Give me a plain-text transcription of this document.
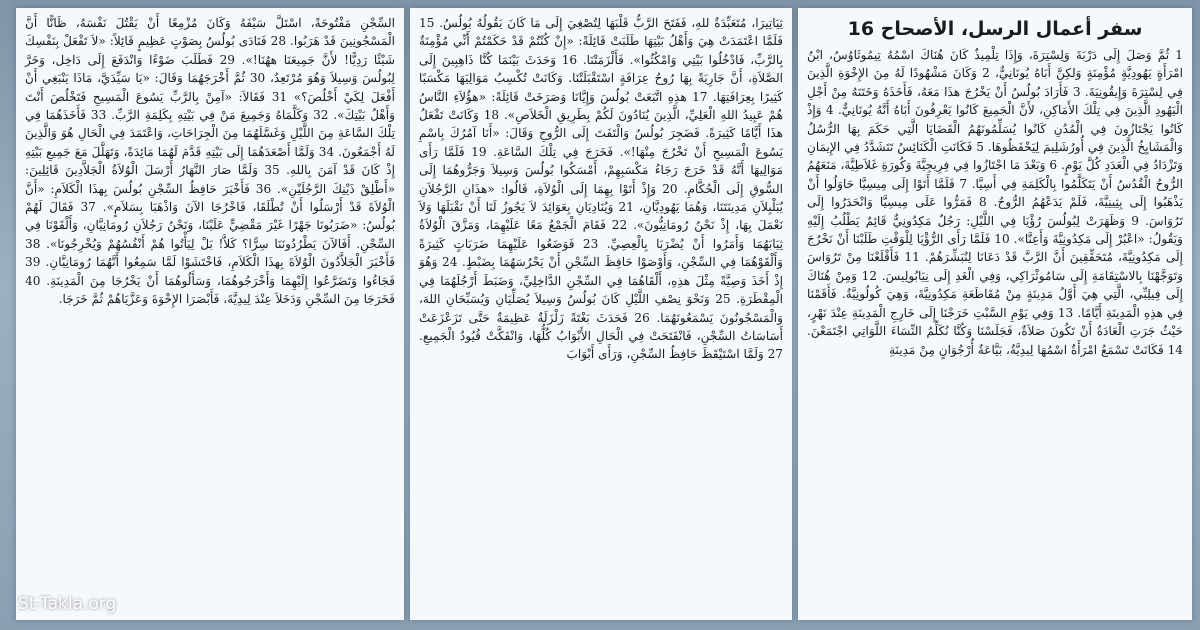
سفر أعمال الرسل، الأصحاح 16
1 ثُمَّ وَصَلَ إِلَى دَرْبَةَ وَلِسْتِرَةَ، وَإِذَا تِلْمِيذٌ كَانَ هُنَاكَ اسْمُهُ تِيمُوثَاوُسُ، ابْنُ امْرَأَةٍ يَهُودِيَّةٍ مُؤْمِنَةٍ وَلكِنَّ أَبَاهُ يُونَانِيٌّ، 2 وَكَانَ مَشْهُودًا لَهُ مِنَ الإِخْوَةِ الَّذِينَ فِي لِسْتِرَةَ وَإِيقُونِيَةَ. 3 فَأَرَادَ بُولُسُ أَنْ يَخْرُجَ هذَا مَعَهُ، فَأَخَذَهُ وَخَتَنَهُ مِنْ أَجْلِ الْيَهُودِ الَّذِينَ فِي تِلْكَ الأَمَاكِنِ، لأَنَّ الْجَمِيعَ كَانُوا يَعْرِفُونَ أَبَاهُ أَنَّهُ يُونَانِيٌّ. 4 وَإِذْ كَانُوا يَجْتَازُونَ فِي الْمُدُنِ كَانُوا يُسَلِّمُونَهُمُ الْقَضَايَا الَّتِي حَكَمَ بِهَا الرُّسُلُ وَالْمَشَايِخُ الَّذِينَ فِي أُورُشَلِيمَ لِيَحْفَظُوهَا. 5 فَكَانَتِ الْكَنَائِسُ تَتَشَدَّدُ فِي الإِيمَانِ وَتَزْدَادُ فِي الْعَدَدِ كُلَّ يَوْمٍ. 6 وَبَعْدَ مَا اجْتَازُوا فِي فِرِيجِيَّةَ وَكُورَةِ غَلاَطِيَّةَ، مَنَعَهُمُ الرُّوحُ الْقُدُسُ أَنْ يَتَكَلَّمُوا بِالْكَلِمَةِ فِي أَسِيَّا. 7 فَلَمَّا أَتَوْا إِلَى مِيسِيَّا حَاوَلُوا أَنْ يَذْهَبُوا إِلَى بِثِينِيَّةَ، فَلَمْ يَدَعْهُمُ الرُّوحُ. 8 فَمَرُّوا عَلَى مِيسِيَّا وَانْحَدَرُوا إِلَى تَرُوَاسَ. 9 وَظَهَرَتْ لِبُولُسَ رُؤْيَا فِي اللَّيْلِ: رَجُلٌ مَكِدُونِيٌّ قَائِمٌ يَطْلُبُ إِلَيْهِ وَيَقُولُ: «اعْبُرْ إِلَى مَكِدُونِيَّةَ وَأَعِنَّا». 10 فَلَمَّا رَأَى الرُّؤْيَا لِلْوَقْتِ طَلَبْنَا أَنْ نَخْرُجَ إِلَى مَكِدُونِيَّةَ، مُتَحَقِّقِينَ أَنَّ الرَّبَّ قَدْ دَعَانَا لِنُبَشِّرَهُمْ. 11 فَأَقْلَعْنَا مِنْ تَرُوَاسَ وَتَوَجَّهْنَا بِالاسْتِقَامَةِ إِلَى سَامُوثْرَاكِي، وَفِي الْغَدِ إِلَى نِيَابُولِيسَ. 12 وَمِنْ هُنَاكَ إِلَى فِيلِبِّي، الَّتِي هِيَ أَوَّلُ مَدِينَةٍ مِنْ مُقَاطَعَةِ مَكِدُونِيَّةَ، وَهِيَ كُولُونِيَّةُ. فَأَقَمْنَا فِي هذِهِ الْمَدِينَةِ أَيَّامًا. 13 وَفِي يَوْمِ السَّبْتِ خَرَجْنَا إِلَى خَارِجِ الْمَدِينَةِ عِنْدَ نَهْرٍ، حَيْثُ جَرَتِ الْعَادَةُ أَنْ تَكُونَ صَلاَةٌ، فَجَلَسْنَا وَكُنَّا نُكَلِّمُ النِّسَاءَ اللَّوَاتِي اجْتَمَعْنَ. 14 فَكَانَتْ تَسْمَعُ امْرَأَةٌ اسْمُهَا لِيدِيَّةُ، بَيَّاعَةُ أُرْجُوَانٍ مِنْ مَدِينَةِ
ثِيَاتِيرَا، مُتَعَبِّدَةٌ للهِ، فَفَتَحَ الرَّبُّ قَلْبَهَا لِتُصْغِيَ إِلَى مَا كَانَ يَقُولُهُ بُولُسُ. 15 فَلَمَّا اعْتَمَدَتْ هِيَ وَأَهْلُ بَيْتِهَا طَلَبَتْ قَائِلَةً: «إِنْ كُنْتُمْ قَدْ حَكَمْتُمْ أَنِّي مُؤْمِنَةٌ بِالرَّبِّ، فَادْخُلُوا بَيْتِي وَامْكُثُوا». فَأَلْزَمَتْنَا. 16 وَحَدَثَ بَيْنَمَا كُنَّا ذَاهِبِينَ إِلَى الصَّلاَةِ، أَنَّ جَارِيَةً بِهَا رُوحُ عِرَافَةٍ اسْتَقْبَلَتْنَا. وَكَانَتْ تُكْسِبُ مَوَالِيَهَا مَكْسَبًا كَثِيرًا بِعِرَافَتِهَا. 17 هذِهِ اتَّبَعَتْ بُولُسَ وَإِيَّانَا وَصَرَخَتْ قَائِلَةً: «هؤُلاَءِ النَّاسُ هُمْ عَبِيدُ اللهِ الْعَلِيِّ، الَّذِينَ يُنَادُونَ لَكُمْ بِطَرِيقِ الْخَلاَصِ». 18 وَكَانَتْ تَفْعَلُ هذَا أَيَّامًا كَثِيرَةً. فَضَجِرَ بُولُسُ وَالْتَفَتَ إِلَى الرُّوحِ وَقَالَ: «أَنَا آمُرُكَ بِاسْمِ يَسُوعَ الْمَسِيحِ أَنْ تَخْرُجَ مِنْهَا!». فَخَرَجَ فِي تِلْكَ السَّاعَةِ. 19 فَلَمَّا رَأَى مَوَالِيهَا أَنَّهُ قَدْ خَرَجَ رَجَاءُ مَكْسَبِهِمْ، أَمْسَكُوا بُولُسَ وَسِيلاَ وَجَرُّوهُمَا إِلَى السُّوقِ إِلَى الْحُكَّامِ. 20 وَإِذْ أَتَوْا بِهِمَا إِلَى الْوُلاَةِ، قَالُوا: «هذَانِ الرَّجُلاَنِ يُبَلْبِلاَنِ مَدِينَتَنَا، وَهُمَا يَهُودِيَّانِ، 21 وَيُنَادِيَانِ بِعَوَائِدَ لاَ يَجُوزُ لَنَا أَنْ نَقْبَلَهَا وَلاَ نَعْمَلَ بِهَا، إِذْ نَحْنُ رُومَانِيُّونَ». 22 فَقَامَ الْجَمْعُ مَعًا عَلَيْهِمَا، وَمَزَّقَ الْوُلاَةُ ثِيَابَهُمَا وَأَمَرُوا أَنْ يُضْرَبَا بِالْعِصِيِّ. 23 فَوَضَعُوا عَلَيْهِمَا ضَرَبَاتٍ كَثِيرَةً وَأَلْقَوْهُمَا فِي السِّجْنِ، وَأَوْصَوْا حَافِظَ السِّجْنِ أَنْ يَحْرُسَهُمَا بِضَبْطٍ. 24 وَهُوَ إِذْ أَخَذَ وَصِيَّةً مِثْلَ هذِهِ، أَلْقَاهُمَا فِي السِّجْنِ الدَّاخِلِيِّ، وَضَبَطَ أَرْجُلَهُمَا فِي الْمِقْطَرَةِ. 25 وَنَحْوَ نِصْفِ اللَّيْلِ كَانَ بُولُسُ وَسِيلاَ يُصَلِّيَانِ وَيُسَبِّحَانِ اللهَ، وَالْمَسْجُونُونَ يَسْمَعُونَهُمَا. 26 فَحَدَثَ بَغْتَةً زَلْزَلَةٌ عَظِيمَةٌ حَتَّى تَزَعْزَعَتْ أَسَاسَاتُ السِّجْنِ، فَانْفَتَحَتْ فِي الْحَالِ الأَبْوَابُ كُلُّهَا، وَانْفَكَّتْ قُيُودُ الْجَمِيعِ. 27 وَلَمَّا اسْتَيْقَظَ حَافِظُ السِّجْنِ، وَرَأَى أَبْوَابَ
السِّجْنِ مَفْتُوحَةً، اسْتَلَّ سَيْفَهُ وَكَانَ مُزْمِعًا أَنْ يَقْتُلَ نَفْسَهُ، ظَانًّا أَنَّ الْمَسْجُونِينَ قَدْ هَرَبُوا. 28 فَنَادَى بُولُسُ بِصَوْتٍ عَظِيمٍ قَائِلاً: «لاَ تَفْعَلْ بِنَفْسِكَ شَيْئًا رَدِيًّا! لأَنَّ جَمِيعَنَا ههُنَا!». 29 فَطَلَبَ ضَوْءًا وَانْدَفَعَ إِلَى دَاخِل، وَخَرَّ لِبُولُسَ وَسِيلاَ وَهُوَ مُرْتَعِدٌ، 30 ثُمَّ أَخْرَجَهُمَا وَقَالَ: «يَا سَيِّدَيَّ، مَاذَا يَنْبَغِي أَنْ أَفْعَلَ لِكَيْ أَخْلُصَ؟» 31 فَقَالاَ: «آمِنْ بِالرَّبِّ يَسُوعَ الْمَسِيحِ فَتَخْلُصَ أَنْتَ وَأَهْلُ بَيْتِكَ». 32 وَكَلَّمَاهُ وَجَمِيعَ مَنْ فِي بَيْتِهِ بِكَلِمَةِ الرَّبِّ. 33 فَأَخَذَهُمَا فِي تِلْكَ السَّاعَةِ مِنَ اللَّيْلِ وَغَسَّلَهُمَا مِنَ الْجِرَاحَاتِ، وَاعْتَمَدَ فِي الْحَالِ هُوَ وَالَّذِينَ لَهُ أَجْمَعُونَ. 34 وَلَمَّا أَصْعَدَهُمَا إِلَى بَيْتِهِ قَدَّمَ لَهُمَا مَائِدَةً، وَتَهَلَّلَ مَعَ جَمِيعِ بَيْتِهِ إِذْ كَانَ قَدْ آمَنَ بِاللهِ. 35 وَلَمَّا صَارَ النَّهَارُ أَرْسَلَ الْوُلاَةُ الْجَلاَّدِينَ قَائِلِينَ: «أَطْلِقْ ذَيْنِكَ الرَّجُلَيْنِ». 36 فَأَخْبَرَ حَافِظُ السِّجْنِ بُولُسَ بِهذَا الْكَلاَمِ: «أَنَّ الْوُلاَةَ قَدْ أَرْسَلُوا أَنْ تُطْلَقَا، فَاخْرُجَا الآنَ وَاذْهَبَا بِسَلاَمٍ». 37 فَقَالَ لَهُمْ بُولُسُ: «ضَرَبُونَا جَهْرًا غَيْرَ مَقْضِيٍّ عَلَيْنَا، وَنَحْنُ رَجُلاَنِ رُومَانِيَّانِ، وَأَلْقَوْنَا فِي السِّجْنِ. أَفَالآنَ يَطْرُدُونَنَا سِرًّا؟ كَلاَّ! بَلْ لِيَأْتُوا هُمْ أَنْفُسُهُمْ وَيُخْرِجُونَا». 38 فَأَخْبَرَ الْجَلاَّدُونَ الْوُلاَةَ بِهذَا الْكَلاَمِ، فَاخْتَشَوْا لَمَّا سَمِعُوا أَنَّهُمَا رُومَانِيَّانِ. 39 فَجَاءُوا وَتَضَرَّعُوا إِلَيْهِمَا وَأَخْرَجُوهُمَا، وَسَأَلُوهُمَا أَنْ يَخْرُجَا مِنَ الْمَدِينَةِ. 40 فَخَرَجَا مِنَ السِّجْنِ وَدَخَلاَ عِنْدَ لِيدِيَّةَ، فَأَبْصَرَا الإِخْوَةَ وَعَزَّيَاهُمْ ثُمَّ خَرَجَا.
St-Takla.org
